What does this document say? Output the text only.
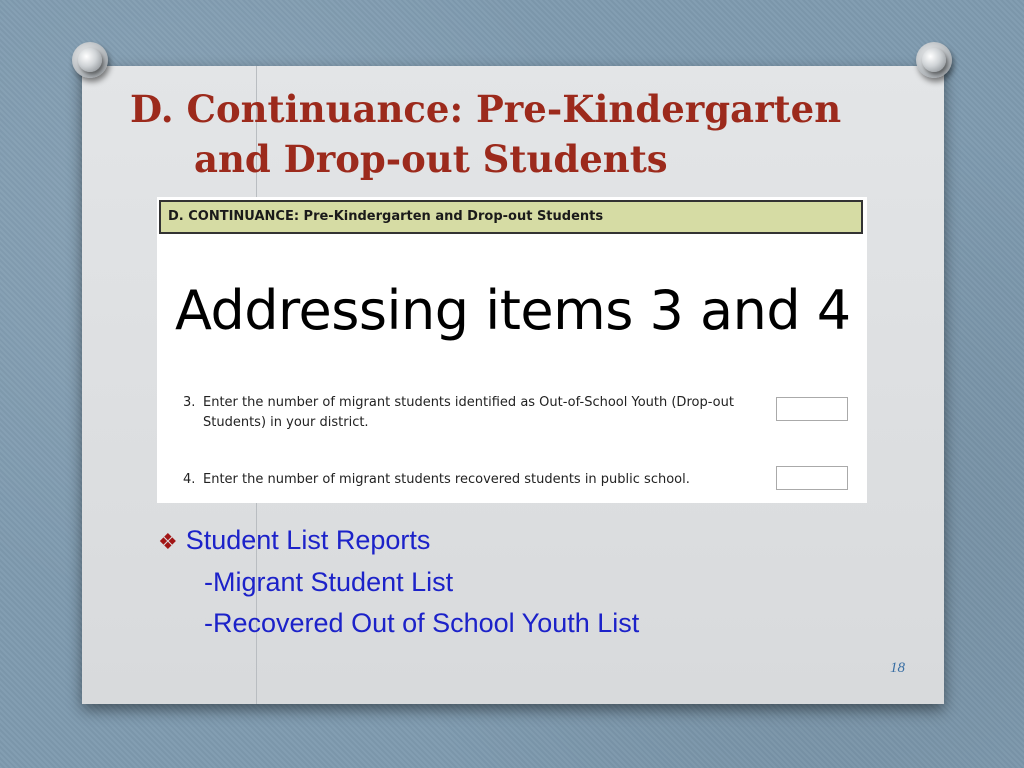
D. Continuance: Pre-Kindergarten
and Drop-out Students
D. CONTINUANCE: Pre-Kindergarten and Drop-out Students
Addressing items 3 and 4
3. Enter the number of migrant students identified as Out-of-School Youth (Drop-out Students) in your district.
4. Enter the number of migrant students recovered students in public school.
❖ Student List Reports
-Migrant Student List
-Recovered Out of School Youth List
18
